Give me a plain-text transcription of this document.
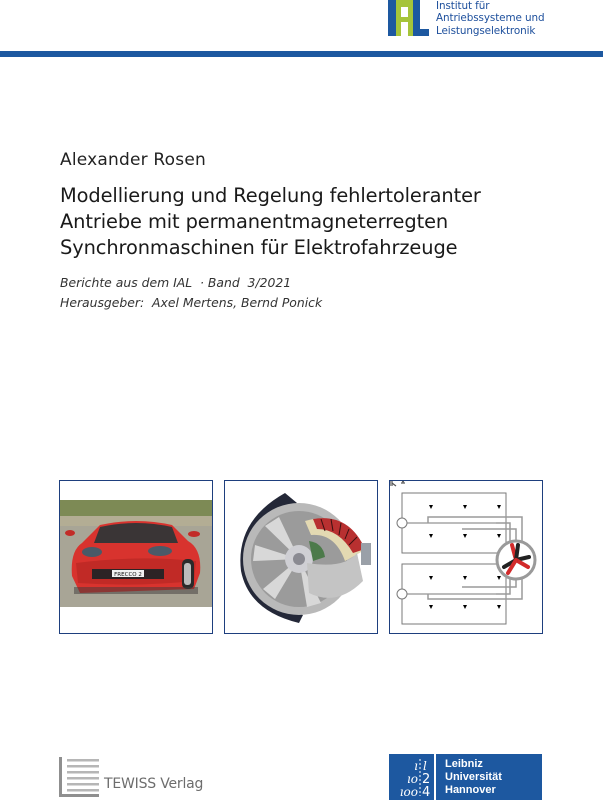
Institut für
Antriebssysteme und
Leistungselektronik
Alexander Rosen
Modellierung und Regelung fehlertoleranter
Antriebe mit permanentmagneterregten
Synchronmaschinen für Elektrofahrzeuge
Berichte aus dem IAL  · Band  3/2021
Herausgeber:  Axel Mertens, Bernd Ponick
FRECCO 2
TEWISS Verlag
ı l
ıo 2
ıoo 4
Leibniz
Universität
Hannover
